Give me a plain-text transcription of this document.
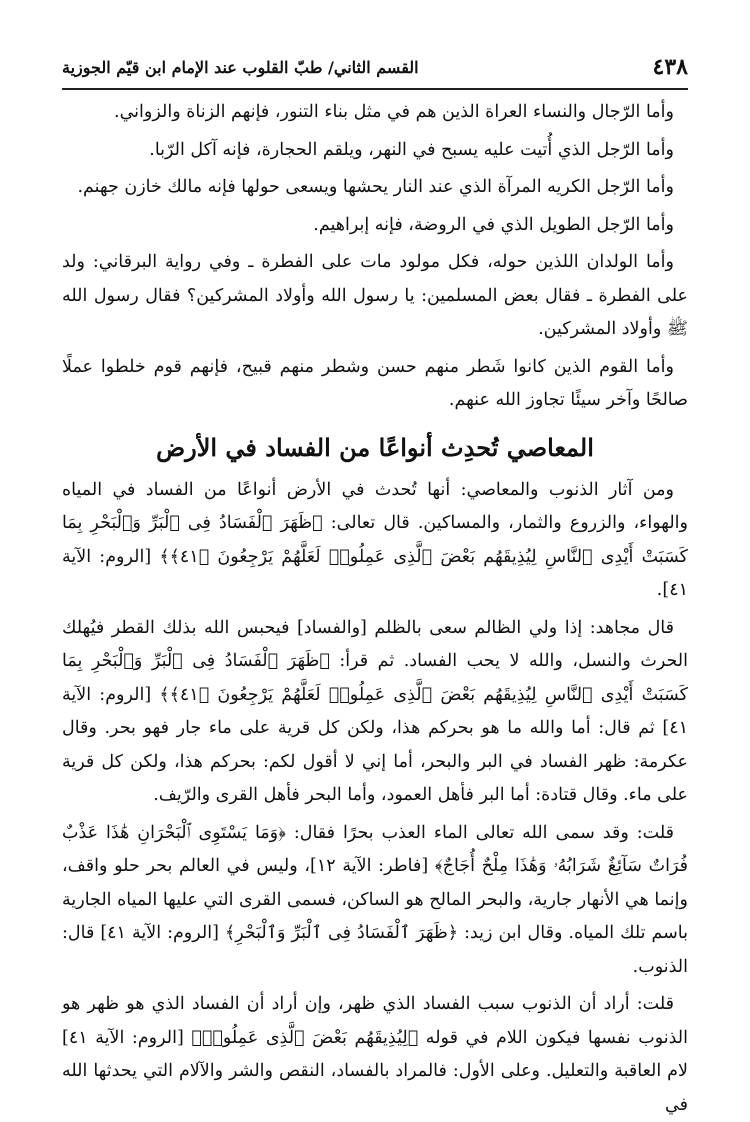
٤٣٨
القسم الثاني/ طبّ القلوب عند الإمام ابن قيّم الجوزية

وأما الرّجال والنساء العراة الذين هم في مثل بناء التنور، فإنهم الزناة والزواني.

وأما الرّجل الذي أُتيت عليه يسبح في النهر، ويلقم الحجارة، فإنه آكل الرّبا.

وأما الرّجل الكريه المرآة الذي عند النار يحشها ويسعى حولها فإنه مالك خازن جهنم.

وأما الرّجل الطويل الذي في الروضة، فإنه إبراهيم.

وأما الولدان اللذين حوله، فكل مولود مات على الفطرة ـ وفي رواية البرقاني: ولد على الفطرة ـ فقال بعض المسلمين: يا رسول الله وأولاد المشركين؟ فقال رسول الله ﷺ وأولاد المشركين.

وأما القوم الذين كانوا شَطر منهم حسن وشطر منهم قبيح، فإنهم قوم خلطوا عملًا صالحًا وآخر سيئًا تجاوز الله عنهم.

المعاصي تُحدِث أنواعًا من الفساد في الأرض

ومن آثار الذنوب والمعاصي: أنها تُحدث في الأرض أنواعًا من الفساد في المياه والهواء، والزروع والثمار، والمساكين. قال تعالى: ﴿ظَهَرَ ٱلْفَسَادُ فِى ٱلْبَرِّ وَٱلْبَحْرِ بِمَا كَسَبَتْ أَيْدِى ٱلنَّاسِ لِيُذِيقَهُم بَعْضَ ٱلَّذِى عَمِلُوا۟ لَعَلَّهُمْ يَرْجِعُونَ ﴿٤١﴾﴾ [الروم: الآية ٤١].

قال مجاهد: إذا ولي الظالم سعى بالظلم [والفساد] فيحبس الله بذلك القطر فيُهلك الحرث والنسل، والله لا يحب الفساد. ثم قرأ: ﴿ظَهَرَ ٱلْفَسَادُ فِى ٱلْبَرِّ وَٱلْبَحْرِ بِمَا كَسَبَتْ أَيْدِى ٱلنَّاسِ لِيُذِيقَهُم بَعْضَ ٱلَّذِى عَمِلُوا۟ لَعَلَّهُمْ يَرْجِعُونَ ﴿٤١﴾﴾ [الروم: الآية ٤١] ثم قال: أما والله ما هو بحركم هذا، ولكن كل قرية على ماء جار فهو بحر. وقال عكرمة: ظهر الفساد في البر والبحر، أما إني لا أقول لكم: بحركم هذا، ولكن كل قرية على ماء. وقال قتادة: أما البر فأهل العمود، وأما البحر فأهل القرى والرّيف.

قلت: وقد سمى الله تعالى الماء العذب بحرًا فقال: ﴿وَمَا يَسْتَوِى ٱلْبَحْرَانِ هَٰذَا عَذْبٌ فُرَاتٌ سَآئِغٌ شَرَابُهُۥ وَهَٰذَا مِلْحٌ أُجَاجٌ﴾ [فاطر: الآية ١٢]، وليس في العالم بحر حلو واقف، وإنما هي الأنهار جارية، والبحر المالح هو الساكن، فسمى القرى التي عليها المياه الجارية باسم تلك المياه. وقال ابن زيد: ﴿ظَهَرَ ٱلْفَسَادُ فِى ٱلْبَرِّ وَٱلْبَحْرِ﴾ [الروم: الآية ٤١] قال: الذنوب.

قلت: أراد أن الذنوب سبب الفساد الذي ظهر، وإن أراد أن الفساد الذي هو ظهر هو الذنوب نفسها فيكون اللام في قوله ﴿لِيُذِيقَهُم بَعْضَ ٱلَّذِى عَمِلُوا۟﴾ [الروم: الآية ٤١] لام العاقبة والتعليل. وعلى الأول: فالمراد بالفساد، النقص والشر والآلام التي يحدثها الله في
